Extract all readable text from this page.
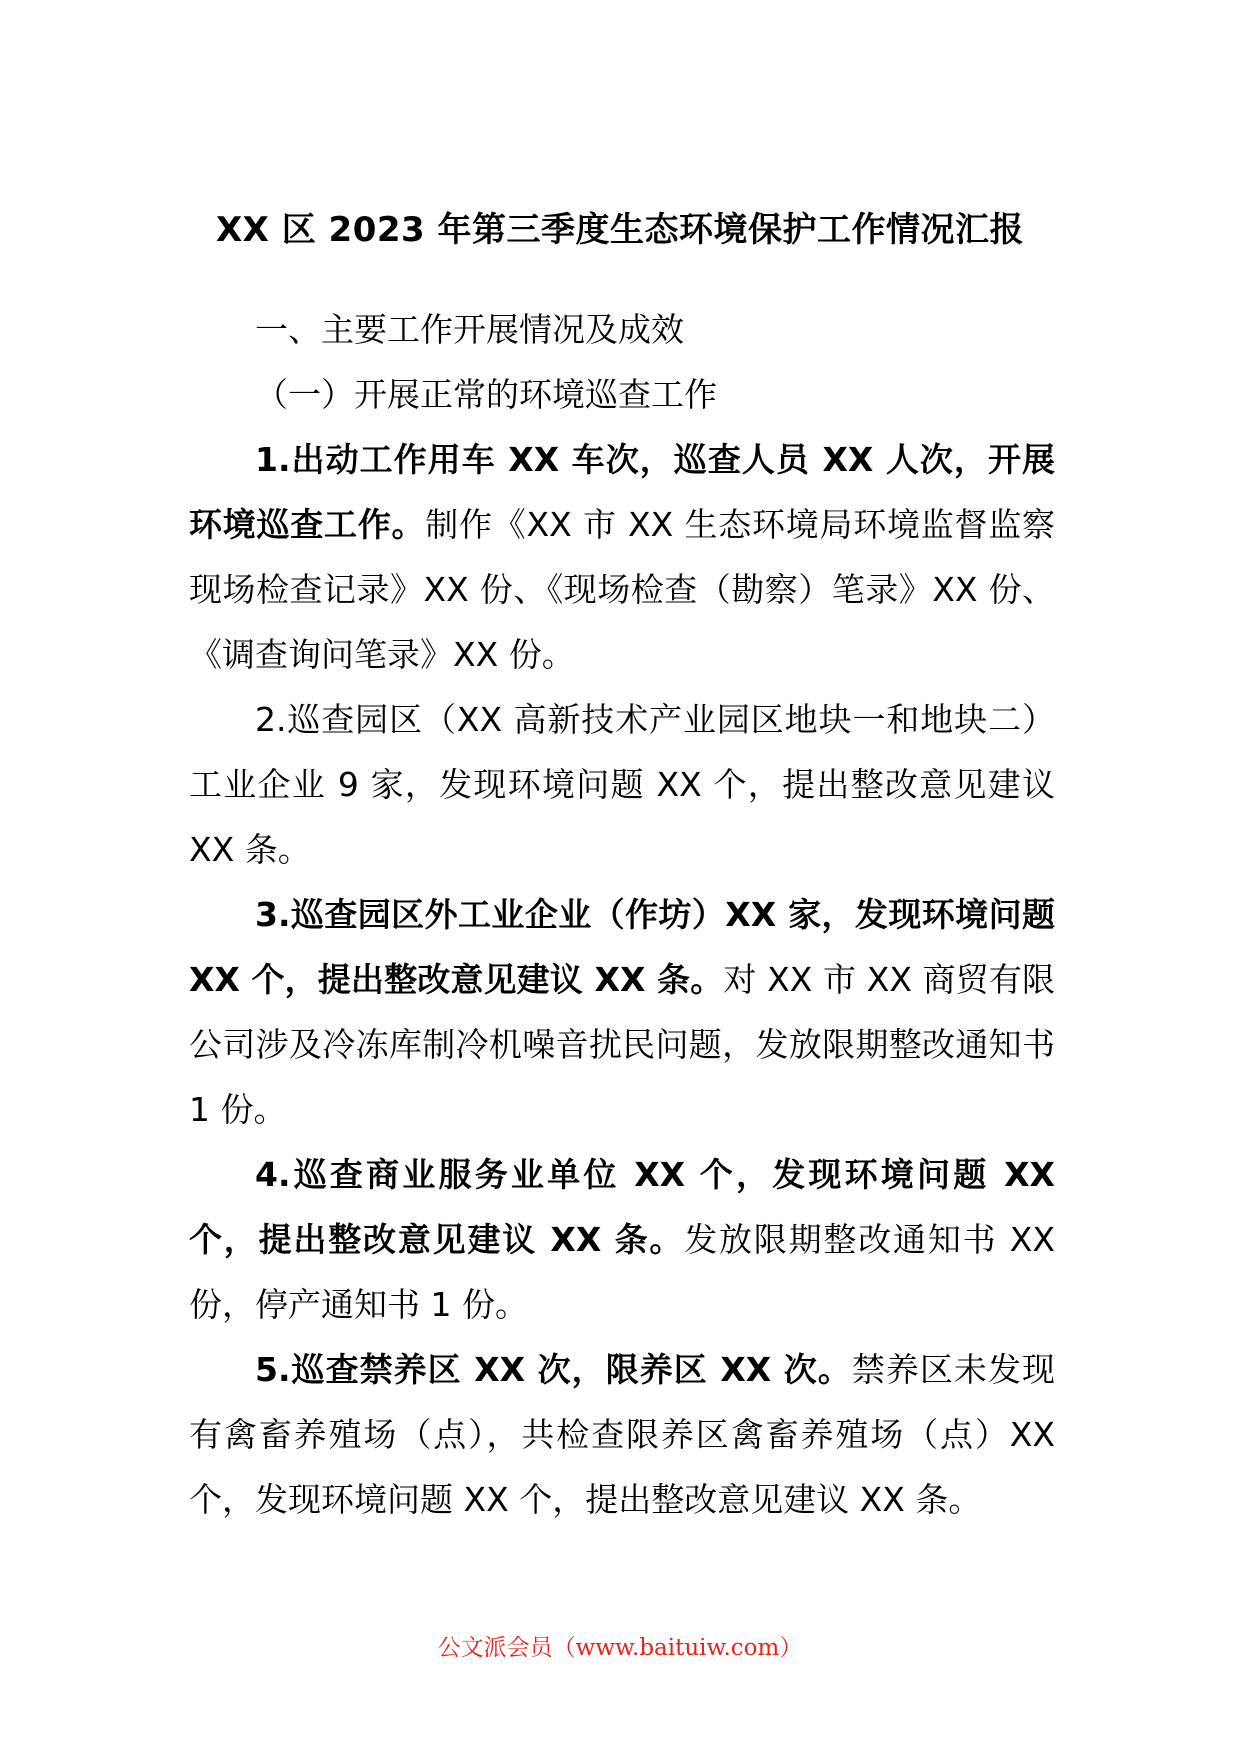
XX 区 2023 年第三季度生态环境保护工作情况汇报

一、主要工作开展情况及成效

（一）开展正常的环境巡查工作

1.出动工作用车 XX 车次，巡查人员 XX 人次，开展环境巡查工作。制作《XX 市 XX 生态环境局环境监督监察现场检查记录》XX 份、《现场检查（勘察）笔录》XX 份、《调查询问笔录》XX 份。

2.巡查园区（XX 高新技术产业园区地块一和地块二）工业企业 9 家，发现环境问题 XX 个，提出整改意见建议 XX 条。

3.巡查园区外工业企业（作坊）XX 家，发现环境问题 XX 个，提出整改意见建议 XX 条。对 XX 市 XX 商贸有限公司涉及冷冻库制冷机噪音扰民问题，发放限期整改通知书 1 份。

4.巡查商业服务业单位 XX 个，发现环境问题 XX 个，提出整改意见建议 XX 条。发放限期整改通知书 XX 份，停产通知书 1 份。

5.巡查禁养区 XX 次，限养区 XX 次。禁养区未发现有禽畜养殖场（点），共检查限养区禽畜养殖场（点）XX 个，发现环境问题 XX 个，提出整改意见建议 XX 条。

公文派会员（www.baituiw.com）
